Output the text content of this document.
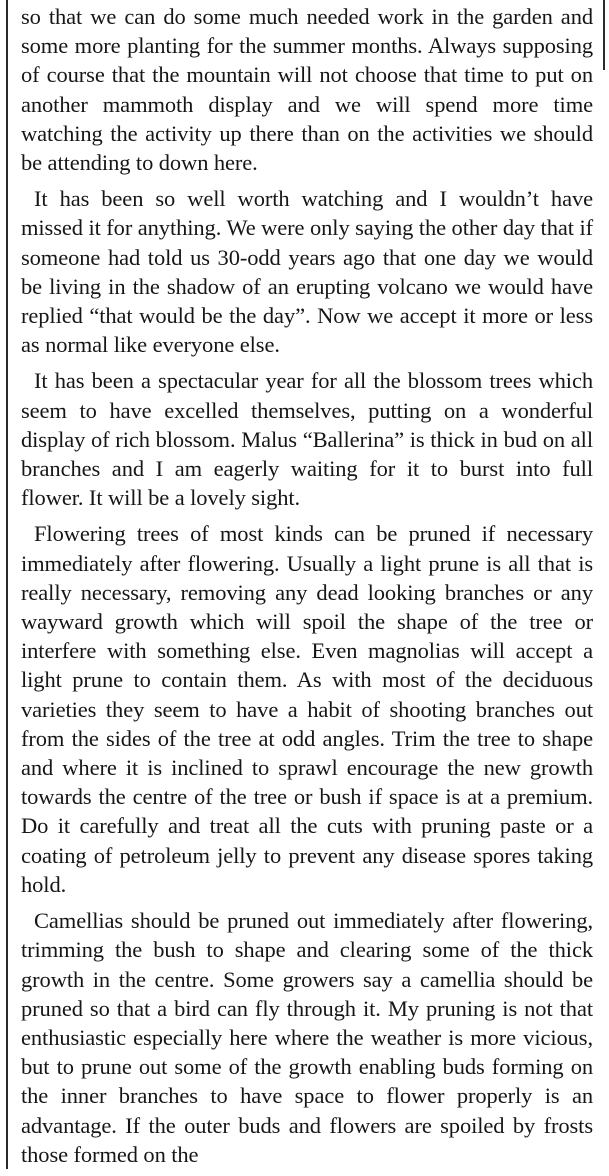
so that we can do some much needed work in the garden and some more planting for the summer months. Always supposing of course that the mountain will not choose that time to put on another mammoth display and we will spend more time watching the activity up there than on the activities we should be attending to down here.

It has been so well worth watching and I wouldn’t have missed it for anything. We were only saying the other day that if someone had told us 30-odd years ago that one day we would be living in the shadow of an erupting volcano we would have replied “that would be the day”. Now we accept it more or less as normal like everyone else.

It has been a spectacular year for all the blossom trees which seem to have excelled themselves, putting on a wonderful display of rich blossom. Malus “Ballerina” is thick in bud on all branches and I am eagerly waiting for it to burst into full flower. It will be a lovely sight.

Flowering trees of most kinds can be pruned if necessary immediately after flowering. Usually a light prune is all that is really necessary, removing any dead looking branches or any wayward growth which will spoil the shape of the tree or interfere with something else. Even magnolias will accept a light prune to contain them. As with most of the deciduous varieties they seem to have a habit of shooting branches out from the sides of the tree at odd angles. Trim the tree to shape and where it is inclined to sprawl encourage the new growth towards the centre of the tree or bush if space is at a premium. Do it carefully and treat all the cuts with pruning paste or a coating of petroleum jelly to prevent any disease spores taking hold.

Camellias should be pruned out immediately after flowering, trimming the bush to shape and clearing some of the thick growth in the centre. Some growers say a camellia should be pruned so that a bird can fly through it. My pruning is not that enthusiastic especially here where the weather is more vicious, but to prune out some of the growth enabling buds forming on the inner branches to have space to flower properly is an advantage. If the outer buds and flowers are spoiled by frosts those formed on the
